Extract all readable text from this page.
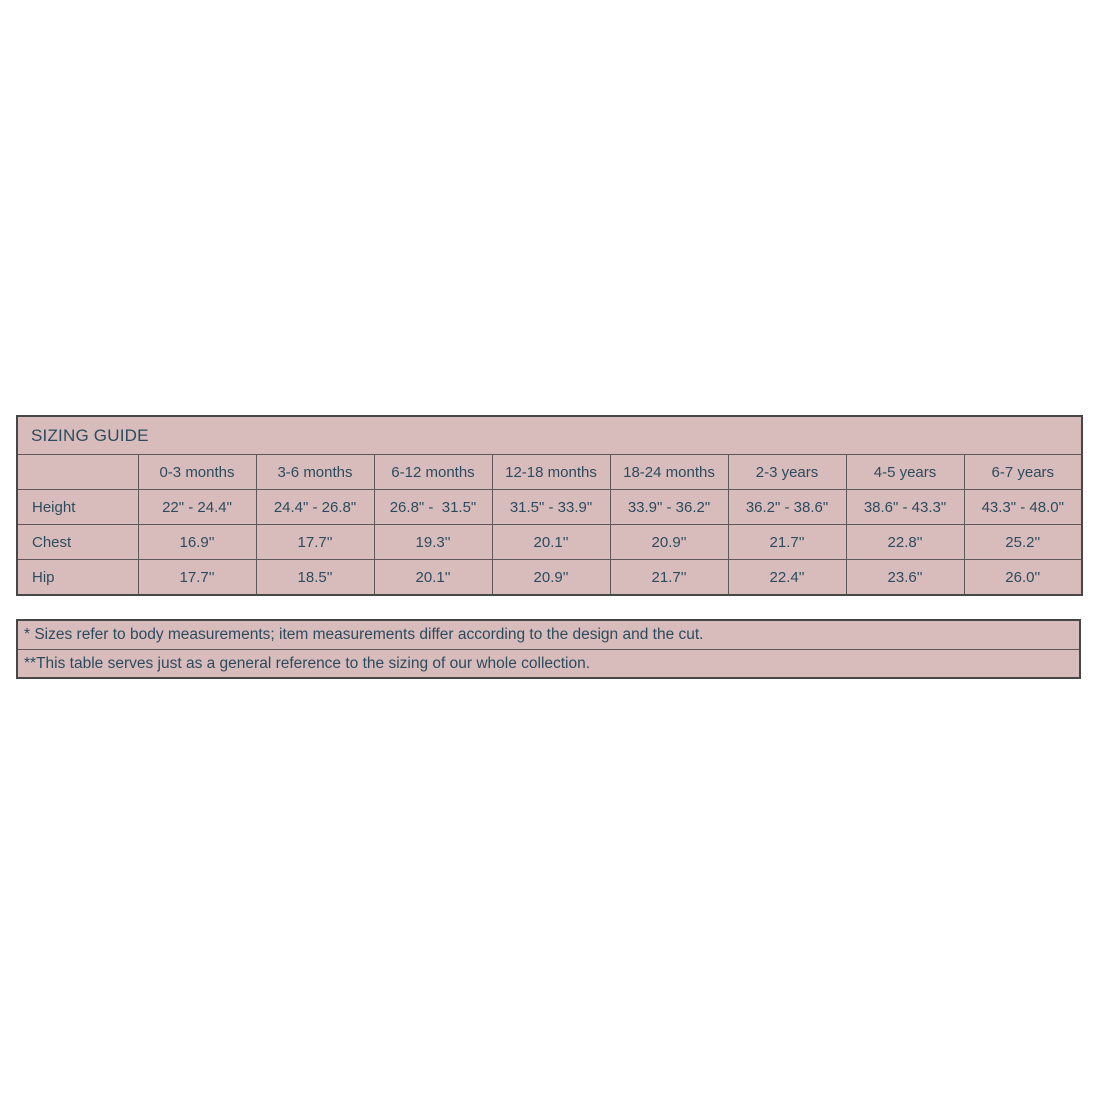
SIZING GUIDE								
	0-3 months	3-6 months	6-12 months	12-18 months	18-24 months	2-3 years	4-5 years	6-7 years
Height	22" - 24.4"	24.4" - 26.8"	26.8" -  31.5"	31.5" - 33.9"	33.9" - 36.2"	36.2" - 38.6"	38.6" - 43.3"	43.3" - 48.0"
Chest	16.9''	17.7''	19.3''	20.1''	20.9''	21.7''	22.8''	25.2''
Hip	17.7''	18.5''	20.1''	20.9''	21.7''	22.4''	23.6''	26.0''
* Sizes refer to body measurements; item measurements differ according to the design and the cut.
**This table serves just as a general reference to the sizing of our whole collection.
